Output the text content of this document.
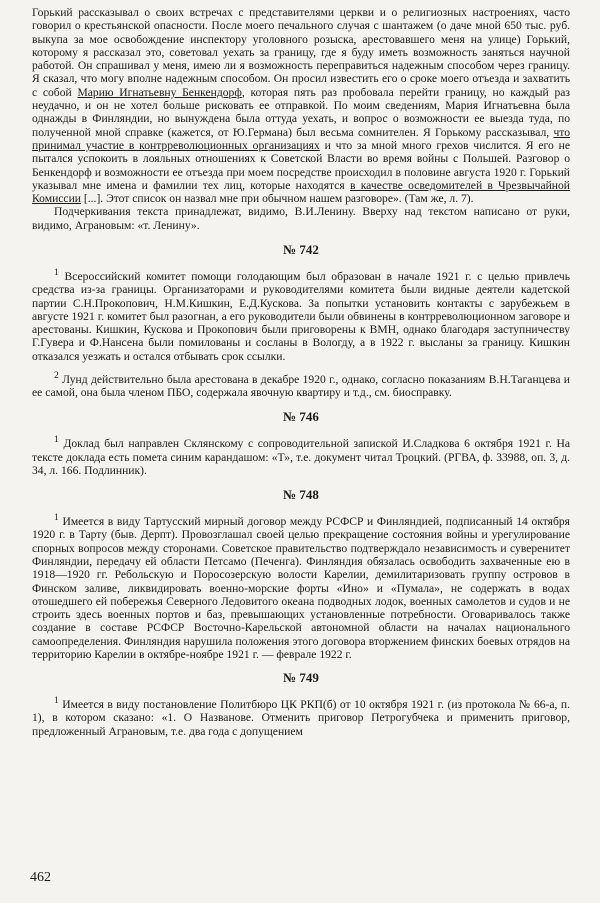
Горький рассказывал о своих встречах с представителями церкви и о религиозных настроениях, часто говорил о крестьянской опасности. После моего печального случая с шантажем (о даче мной 650 тыс. руб. выкупа за мое освобождение инспектору уголовного розыска, арестовавшего меня на улице) Горький, которому я рассказал это, советовал уехать за границу, где я буду иметь возможность заняться научной работой. Он спрашивал у меня, имею ли я возможность переправиться надежным способом через границу. Я сказал, что могу вполне надежным способом. Он просил известить его о сроке моего отъезда и захватить с собой Марию Игнатьевну Бенкендорф, которая пять раз пробовала перейти границу, но каждый раз неудачно, и он не хотел больше рисковать ее отправкой. По моим сведениям, Мария Игнатьевна была однажды в Финляндии, но вынуждена была оттуда уехать, и вопрос о возможности ее выезда туда, по полученной мной справке (кажется, от Ю.Германа) был весьма сомнителен. Я Горькому рассказывал, что принимал участие в контрреволюционных организациях и что за мной много грехов числится. Я его не пытался успокоить в лояльных отношениях к Советской Власти во время войны с Польшей. Разговор о Бенкендорф и возможности ее отъезда при моем посредстве происходил в половине августа 1920 г. Горький указывал мне имена и фамилии тех лиц, которые находятся в качестве осведомителей в Чрезвычайной Комиссии [...]. Этот список он назвал мне при обычном нашем разговоре». (Там же, л. 7).

Подчеркивания текста принадлежат, видимо, В.И.Ленину. Вверху над текстом написано от руки, видимо, Аграновым: «т. Ленину».

№ 742

$^1$ Всероссийский комитет помощи голодающим был образован в начале 1921 г. с целью привлечь средства из-за границы. Организаторами и руководителями комитета были видные деятели кадетской партии С.Н.Прокопович, Н.М.Кишкин, Е.Д.Кускова. За попытки установить контакты с зарубежьем в августе 1921 г. комитет был разогнан, а его руководители были обвинены в контрреволюционном заговоре и арестованы. Кишкин, Кускова и Прокопович были приговорены к ВМН, однако благодаря заступничеству Г.Гувера и Ф.Нансена были помилованы и сосланы в Вологду, а в 1922 г. высланы за границу. Кишкин отказался уезжать и остался отбывать срок ссылки.

$^2$ Лунд действительно была арестована в декабре 1920 г., однако, согласно показаниям В.Н.Таганцева и ее самой, она была членом ПБО, содержала явочную квартиру и т.д., см. биосправку.

№ 746

$^1$ Доклад был направлен Склянскому с сопроводительной запиской И.Сладкова 6 октября 1921 г. На тексте доклада есть помета синим карандашом: «Т», т.е. документ читал Троцкий. (РГВА, ф. 33988, оп. 3, д. 34, л. 166. Подлинник).

№ 748

$^1$ Имеется в виду Тартусский мирный договор между РСФСР и Финляндией, подписанный 14 октября 1920 г. в Тарту (быв. Дерпт). Провозглашал своей целью прекращение состояния войны и урегулирование спорных вопросов между сторонами. Советское правительство подтверждало независимость и суверенитет Финляндии, передачу ей области Петсамо (Печенга). Финляндия обязалась освободить захваченные ею в 1918—1920 гг. Ребольскую и Поросозерскую волости Карелии, демилитаризовать группу островов в Финском заливе, ликвидировать военно-морские форты «Ино» и «Пумала», не содержать в водах отошедшего ей побережья Северного Ледовитого океана подводных лодок, военных самолетов и судов и не строить здесь военных портов и баз, превышающих установленные потребности. Оговаривалось также создание в составе РСФСР Восточно-Карельской автономной области на началах национального самоопределения. Финляндия нарушила положения этого договора вторжением финских боевых отрядов на территорию Карелии в октябре-ноябре 1921 г. — феврале 1922 г.

№ 749

$^1$ Имеется в виду постановление Политбюро ЦК РКП(б) от 10 октября 1921 г. (из протокола № 66-а, п. 1), в котором сказано: «1. О Названове. Отменить приговор Петрогубчека и применить приговор, предложенный Аграновым, т.е. два года с допущением

462
